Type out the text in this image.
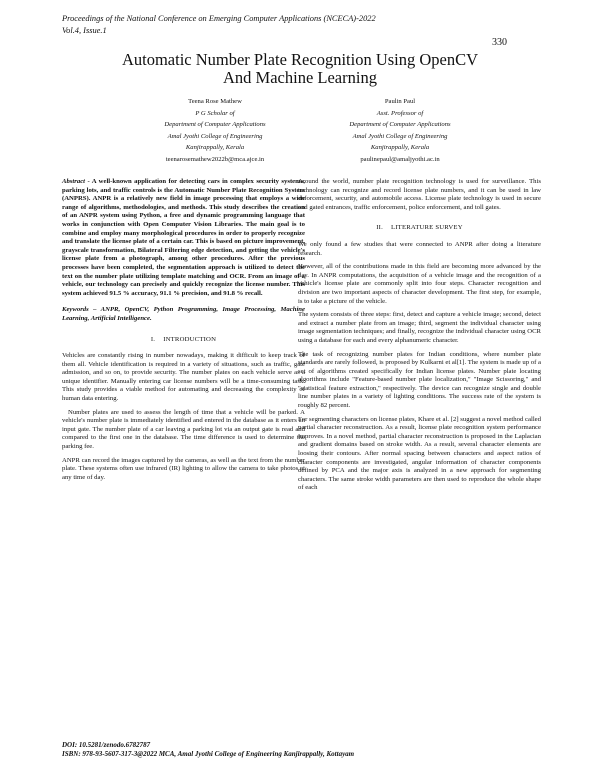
Proceedings of the National Conference on Emerging Computer Applications (NCECA)-2022
Vol.4, Issue.1
330
Automatic Number Plate Recognition Using OpenCV
And Machine Learning
Teena Rose Mathew
P G Scholar of
Department of Computer Applications
Amal Jyothi College of Engineering
Kanjirappally, Kerala
teenarosemathew2022b@mca.ajce.in
Paulin Paul
Asst. Professor of
Department of Computer Applications
Amal Jyothi College of Engineering
Kanjirappally, Kerala
paulinepaul@amaljyothi.ac.in

Abstract - A well-known application for detecting cars in complex security systems, parking lots, and traffic controls is the Automatic Number Plate Recognition System (ANPRS). ANPR is a relatively new field in image processing that employs a wide range of algorithms, methodologies, and methods. This study describes the creation of an ANPR system using Python, a free and dynamic programming language that works in conjunction with Open Computer Vision Libraries. The main goal is to combine and employ many morphological procedures in order to properly recognize and translate the license plate of a certain car. This is based on picture improvement, grayscale transformation, Bilateral Filtering edge detection, and getting the vehicle's license plate from a photograph, among other procedures. After the previous processes have been completed, the segmentation approach is utilized to detect the text on the number plate utilizing template matching and OCR. From an image of a vehicle, our technology can precisely and quickly recognize the license number. This system achieved 91.5 % accuracy, 91.1 % precision, and 91.8 % recall.

Keywords – ANPR, OpenCV, Python Programming, Image Processing, Machine Learning, Artificial Intelligence.

I. INTRODUCTION

Vehicles are constantly rising in number nowadays, making it difficult to keep track of them all. Vehicle identification is required in a variety of situations, such as traffic, gate admission, and so on, to provide security. The number plates on each vehicle serve as a unique identifier. Manually entering car license numbers will be a time-consuming task. This study provides a viable method for automating and decreasing the complexity of human data entering.

Number plates are used to assess the length of time that a vehicle will be parked. A vehicle's number plate is immediately identified and entered in the database as it enters an input gate. The number plate of a car leaving a parking lot via an output gate is read and compared to the first one in the database. The time difference is used to determine the parking fee.

ANPR can record the images captured by the cameras, as well as the text from the number plate. These systems often use infrared (IR) lighting to allow the camera to take photos at any time of day.

Around the world, number plate recognition technology is used for surveillance. This technology can recognize and record license plate numbers, and it can be used in law enforcement, security, and automobile access. License plate technology is used in secure and gated entrances, traffic enforcement, police enforcement, and toll gates.

II. LITERATURE SURVEY

We only found a few studies that were connected to ANPR after doing a literature research.

However, all of the contributions made in this field are becoming more advanced by the day. In ANPR computations, the acquisition of a vehicle image and the recognition of a vehicle's license plate are commonly split into four steps. Character recognition and division are two important aspects of character development. The first step, for example, is to take a picture of the vehicle.

The system consists of three steps: first, detect and capture a vehicle image; second, detect and extract a number plate from an image; third, segment the individual character using image segmentation techniques; and finally, recognize the individual character using OCR using a database for each and every alphanumeric character.

The task of recognizing number plates for Indian conditions, where number plate standards are rarely followed, is proposed by Kulkarni et al[1]. The system is made up of a set of algorithms created specifically for Indian license plates. Number plate locating algorithms include "Feature-based number plate localization," "Image Scissoring," and "statistical feature extraction," respectively. The device can recognize single and double line number plates in a variety of lighting conditions. The success rate of the system is roughly 82 percent.

For segmenting characters on license plates, Khare et al. [2] suggest a novel method called partial character reconstruction. As a result, license plate recognition system performance improves. In a novel method, partial character reconstruction is proposed in the Laplacian and gradient domains based on stroke width. As a result, several character elements are loosing their contours. After normal spacing between characters and aspect ratios of character components are investigated, angular information of character components defined by PCA and the major axis is analyzed in a new approach for segmenting characters. The same stroke width parameters are then used to reproduce the whole shape of each

DOI: 10.5281/zenodo.6782787
ISBN: 978-93-5607-317-3@2022 MCA, Amal Jyothi College of Engineering Kanjirappally, Kottayam
